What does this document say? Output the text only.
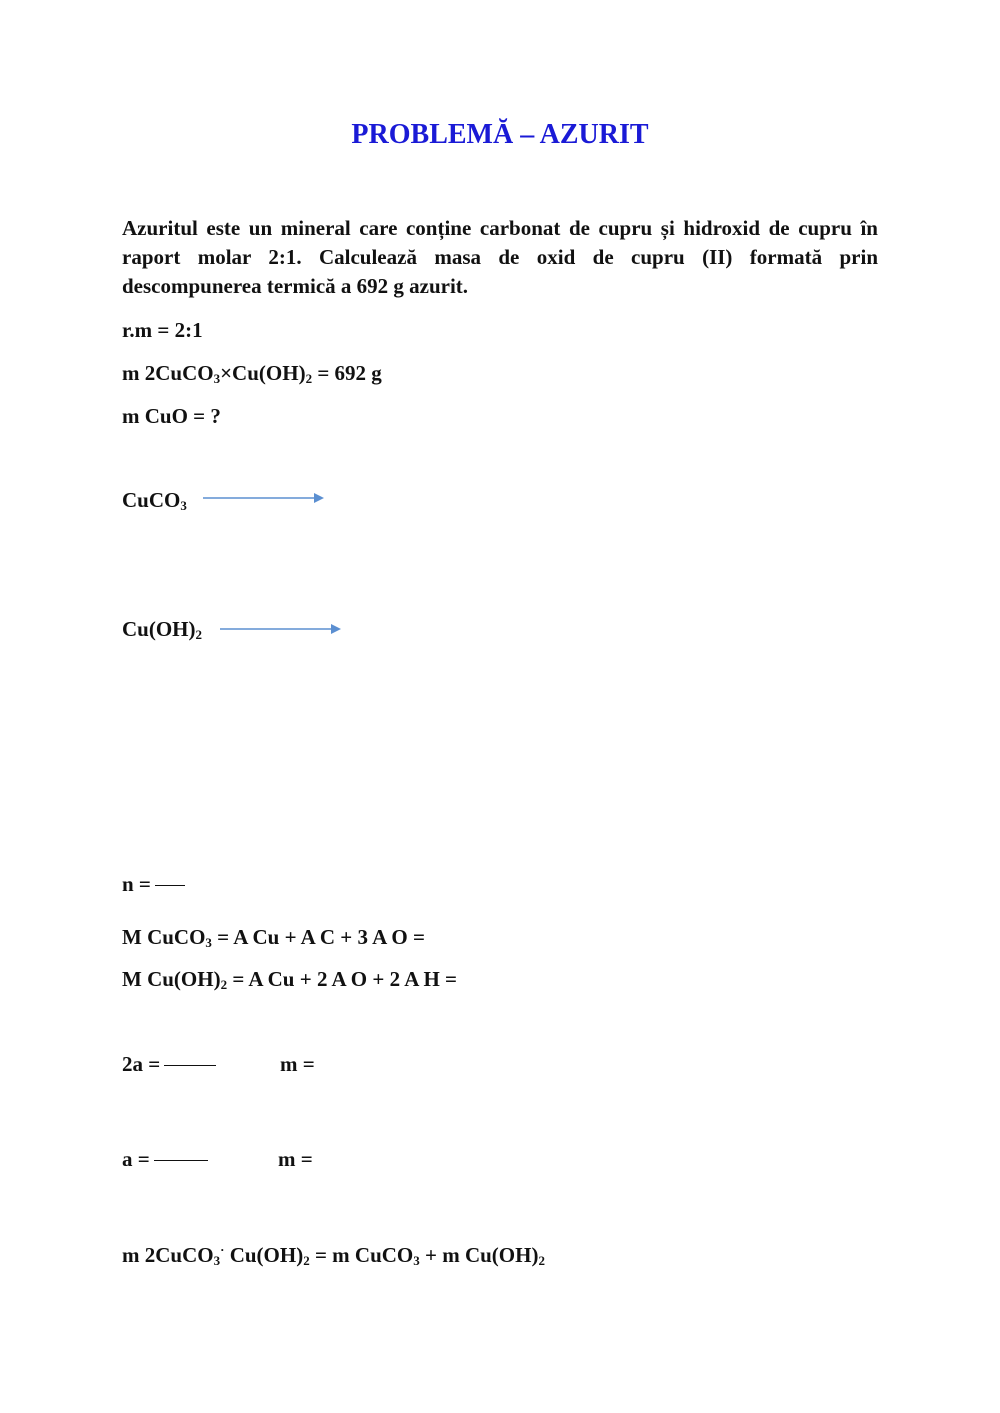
PROBLEMĂ – AZURIT

Azuritul este un mineral care conține carbonat de cupru și hidroxid de cupru în raport molar 2:1. Calculează masa de oxid de cupru (II) formată prin descompunerea termică a 692 g azurit.

r.m = 2:1
m $2CuCO_3\times Cu(OH)_2 = 692$ g
m CuO = ?
CuCO$_3$
$Cu(OH)_2$
n =
M CuCO$_3$ = A Cu + A C + 3 A O =
M $Cu(OH)_2 = A$ Cu + 2 A O + 2 A H =
2a =	m =
a =	m =
m 2CuCO$_3$· $Cu(OH)_2 = m$ CuCO$_3$ + m $Cu(OH)_2$
